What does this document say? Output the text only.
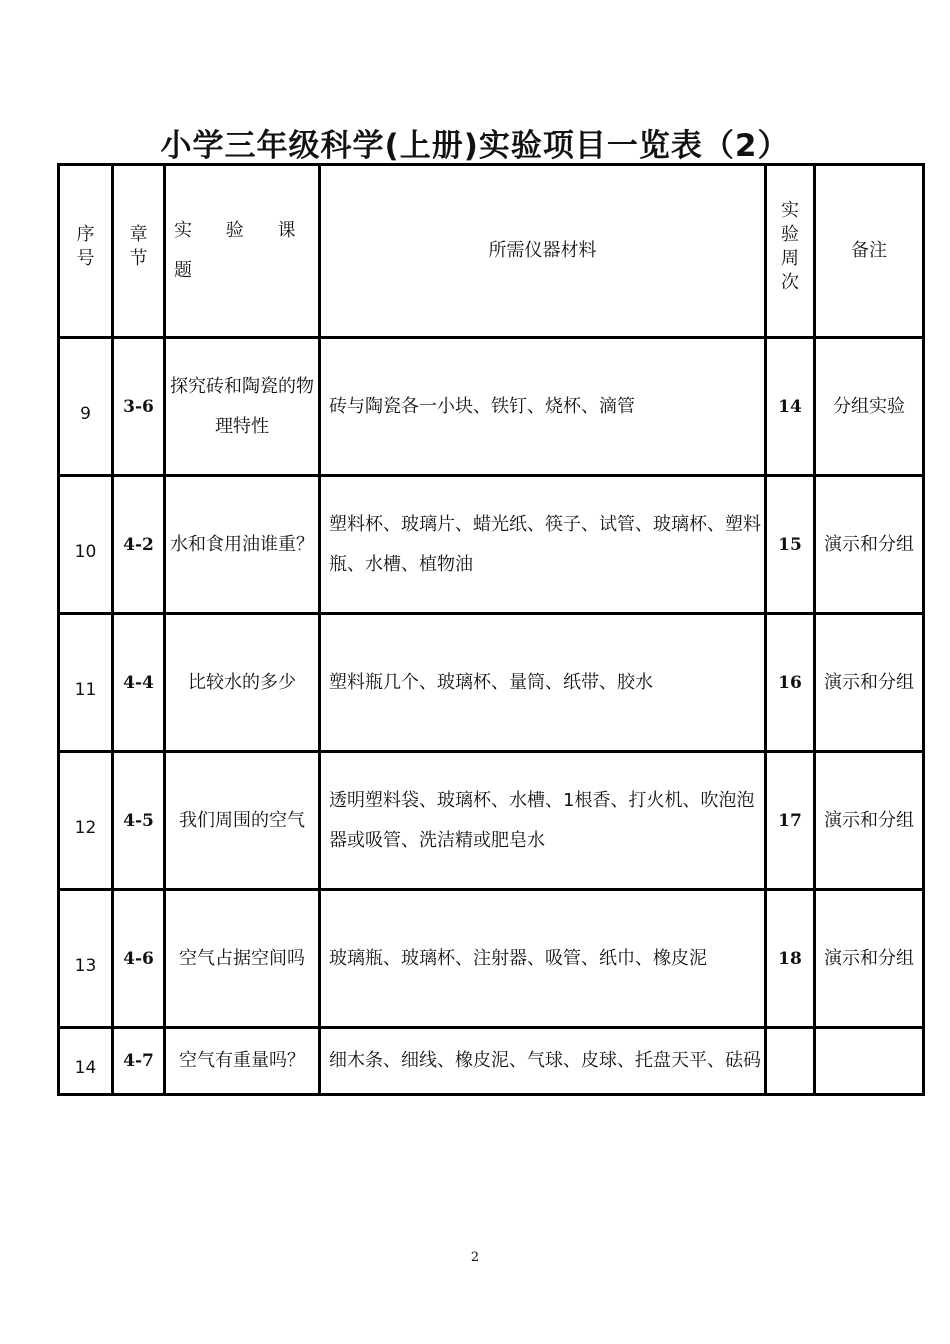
小学三年级科学(上册)实验项目一览表（2）
序号	章节	实 验 课 题	所需仪器材料	实验周次	备注
9	3-6	探究砖和陶瓷的物理特性	砖与陶瓷各一小块、铁钉、烧杯、滴管	14	分组实验
10	4-2	水和食用油谁重？	塑料杯、玻璃片、蜡光纸、筷子、试管、玻璃杯、塑料瓶、水槽、植物油	15	演示和分组
11	4-4	比较水的多少	塑料瓶几个、玻璃杯、量筒、纸带、胶水	16	演示和分组
12	4-5	我们周围的空气	透明塑料袋、玻璃杯、水槽、1根香、打火机、吹泡泡器或吸管、洗洁精或肥皂水	17	演示和分组
13	4-6	空气占据空间吗	玻璃瓶、玻璃杯、注射器、吸管、纸巾、橡皮泥	18	演示和分组
14	4-7	空气有重量吗？	细木条、细线、橡皮泥、气球、皮球、托盘天平、砝码		
2
